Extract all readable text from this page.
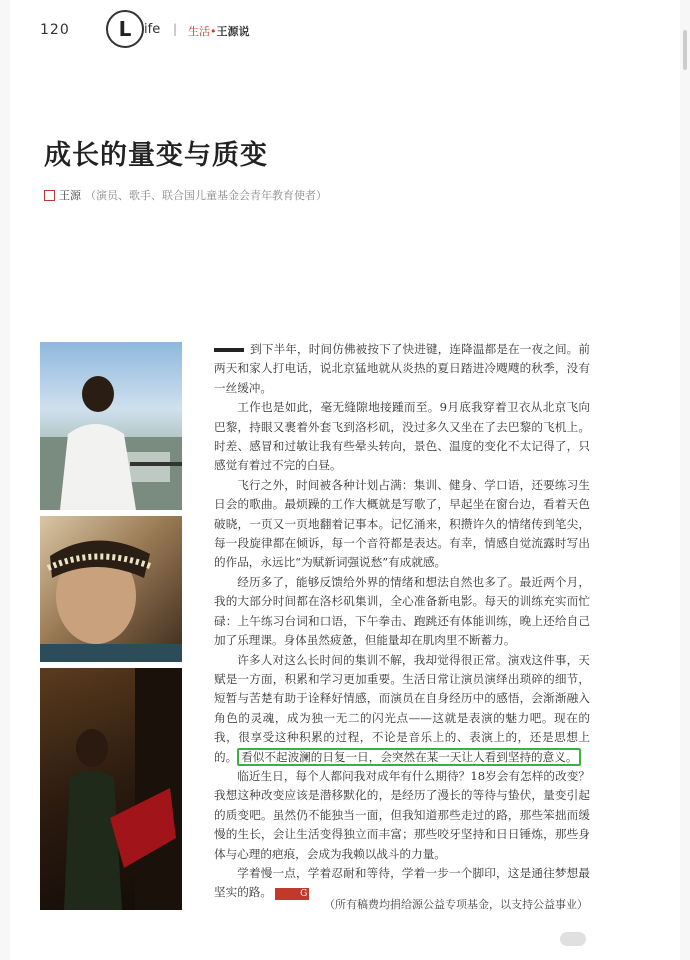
120	L ife | 生活•王源说
成长的量变与质变
王源 （演员、歌手、联合国儿童基金会青年教育使者）

到下半年，时间仿佛被按下了快进键，连降温都是在一夜之间。前两天和家人打电话，说北京猛地就从炎热的夏日踏进冷飕飕的秋季，没有一丝缓冲。

工作也是如此，毫无缝隙地接踵而至。9月底我穿着卫衣从北京飞向巴黎，持眼又裹着外套飞到洛杉矶，没过多久又坐在了去巴黎的飞机上。时差、感冒和过敏让我有些晕头转向，景色、温度的变化不太记得了，只感觉有着过不完的白昼。

飞行之外，时间被各种计划占满：集训、健身、学口语，还要练习生日会的歌曲。最烦躁的工作大概就是写歌了，早起坐在窗台边，看着天色破晓，一页又一页地翻着记事本。记忆涌来，积攒许久的情绪传到笔尖，每一段旋律都在倾诉，每一个音符都是表达。有幸，情感自觉流露时写出的作品，永远比“为赋新词强说愁”有成就感。

经历多了，能够反馈给外界的情绪和想法自然也多了。最近两个月，我的大部分时间都在洛杉矶集训，全心准备新电影。每天的训练充实而忙碌：上午练习台词和口语，下午拳击、跑跳还有体能训练，晚上还给自己加了乐理课。身体虽然疲惫，但能量却在肌肉里不断蓄力。

许多人对这么长时间的集训不解，我却觉得很正常。演戏这件事，天赋是一方面，积累和学习更加重要。生活日常让演员演绎出琐碎的细节，短暂与苦楚有助于诠释好情感，而演员在自身经历中的感悟，会渐渐融入角色的灵魂，成为独一无二的闪光点——这就是表演的魅力吧。现在的我，很享受这种积累的过程，不论是音乐上的、表演上的，还是思想上的。 看似不起波澜的日复一日，会突然在某一天让人看到坚持的意义。

临近生日，每个人都问我对成年有什么期待？18岁会有怎样的改变？我想这种改变应该是潜移默化的，是经历了漫长的等待与蛰伏，量变引起的质变吧。虽然仍不能独当一面，但我知道那些走过的路，那些笨拙而缓慢的生长，会让生活变得独立而丰富；那些咬牙坚持和日日锤炼，那些身体与心理的疤痕，会成为我赖以战斗的力量。

学着慢一点，学着忍耐和等待，学着一步一个脚印，这是通往梦想最坚实的路。	G

（所有稿费均捐给源公益专项基金，以支持公益事业）
